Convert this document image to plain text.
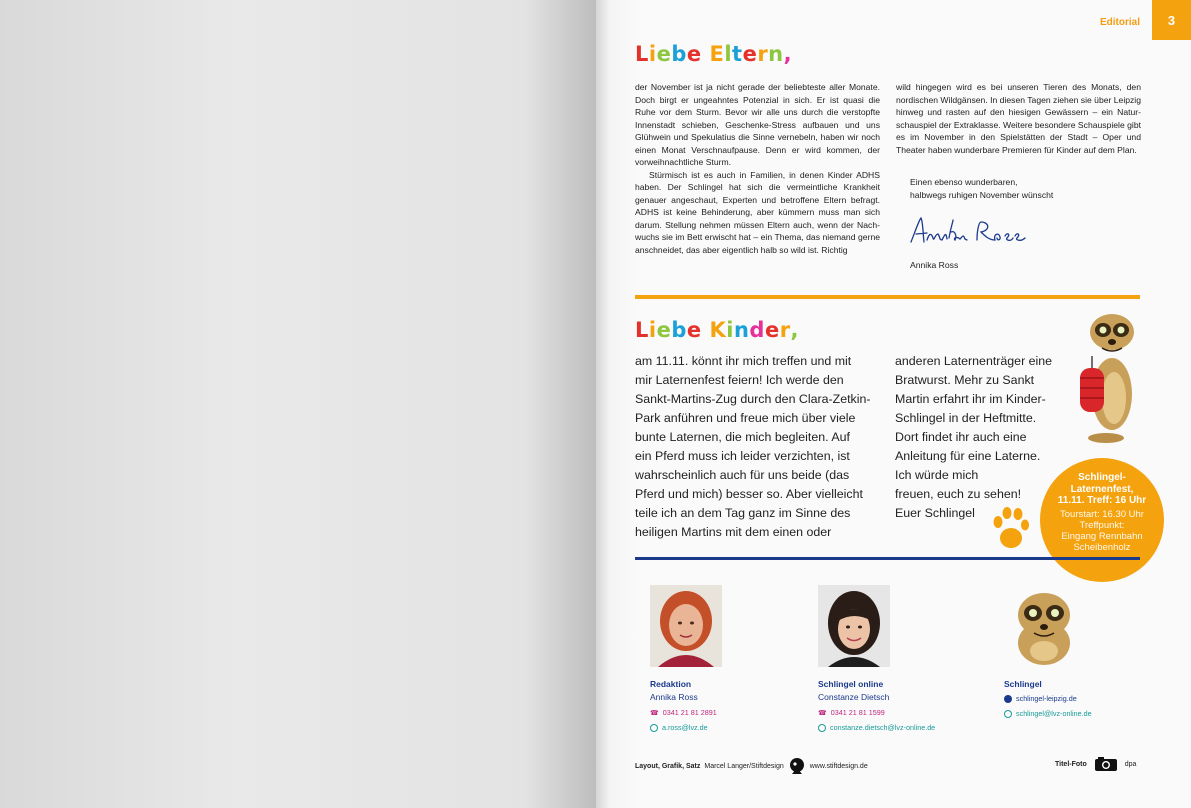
Editorial 3
Liebe Eltern,

der November ist ja nicht gerade der beliebteste aller Monate. Doch birgt er ungeahntes Potenzial in sich. Er ist quasi die Ruhe vor dem Sturm. Bevor wir alle uns durch die verstopfte Innenstadt schieben, Geschenke-Stress aufbauen und uns Glühwein und Spekulatius die Sinne vernebeln, haben wir noch einen Monat Verschnaufpause. Denn er wird kommen, der vorweihnachtliche Sturm.

Stürmisch ist es auch in Familien, in denen Kinder ADHS haben. Der Schlingel hat sich die vermeintliche Krankheit genauer angeschaut, Experten und betroffene Eltern befragt. ADHS ist keine Behinderung, aber kümmern muss man sich darum. Stellung nehmen müssen Eltern auch, wenn der Nachwuchs sie im Bett erwischt hat – ein Thema, das niemand gerne anschneidet, das aber eigentlich halb so wild ist. Richtig

wild hingegen wird es bei unseren Tieren des Monats, den nordischen Wildgänsen. In diesen Tagen ziehen sie über Leipzig hinweg und rasten auf den hiesigen Gewässern – ein Naturschauspiel der Extraklasse. Weitere besondere Schauspiele gibt es im November in den Spielstätten der Stadt – Oper und Theater haben wunderbare Premieren für Kinder auf dem Plan.

Einen ebenso wunderbaren,
halbwegs ruhigen November wünscht
Annika Ross
Liebe Kinder,
am 11.11. könnt ihr mich treffen und mit
mir Laternenfest feiern! Ich werde den
Sankt-Martins-Zug durch den Clara-Zetkin-
Park anführen und freue mich über viele
bunte Laternen, die mich begleiten. Auf
ein Pferd muss ich leider verzichten, ist
wahrscheinlich auch für uns beide (das
Pferd und mich) besser so. Aber vielleicht
teile ich an dem Tag ganz im Sinne des
heiligen Martins mit dem einen oder
anderen Laternenträger eine
Bratwurst. Mehr zu Sankt
Martin erfahrt ihr im Kinder-
Schlingel in der Heftmitte.
Dort findet ihr auch eine
Anleitung für eine Laterne.
Ich würde mich
freuen, euch zu sehen!
Euer Schlingel
Schlingel-
Laternenfest,
11.11. Treff: 16 Uhr
Tourstart: 16.30 Uhr
Treffpunkt:
Eingang Rennbahn
Scheibenholz
Redaktion
Annika Ross
☎ 0341 21 81 2891
a.ross@lvz.de
Schlingel online
Constanze Dietsch
☎ 0341 21 81 1599
constanze.dietsch@lvz-online.de
Schlingel
schlingel-leipzig.de
schlingel@lvz-online.de
Layout, Grafik, Satz Marcel Langer/Stiftdesign	www.stiftdesign.de	Titel-Foto	dpa
